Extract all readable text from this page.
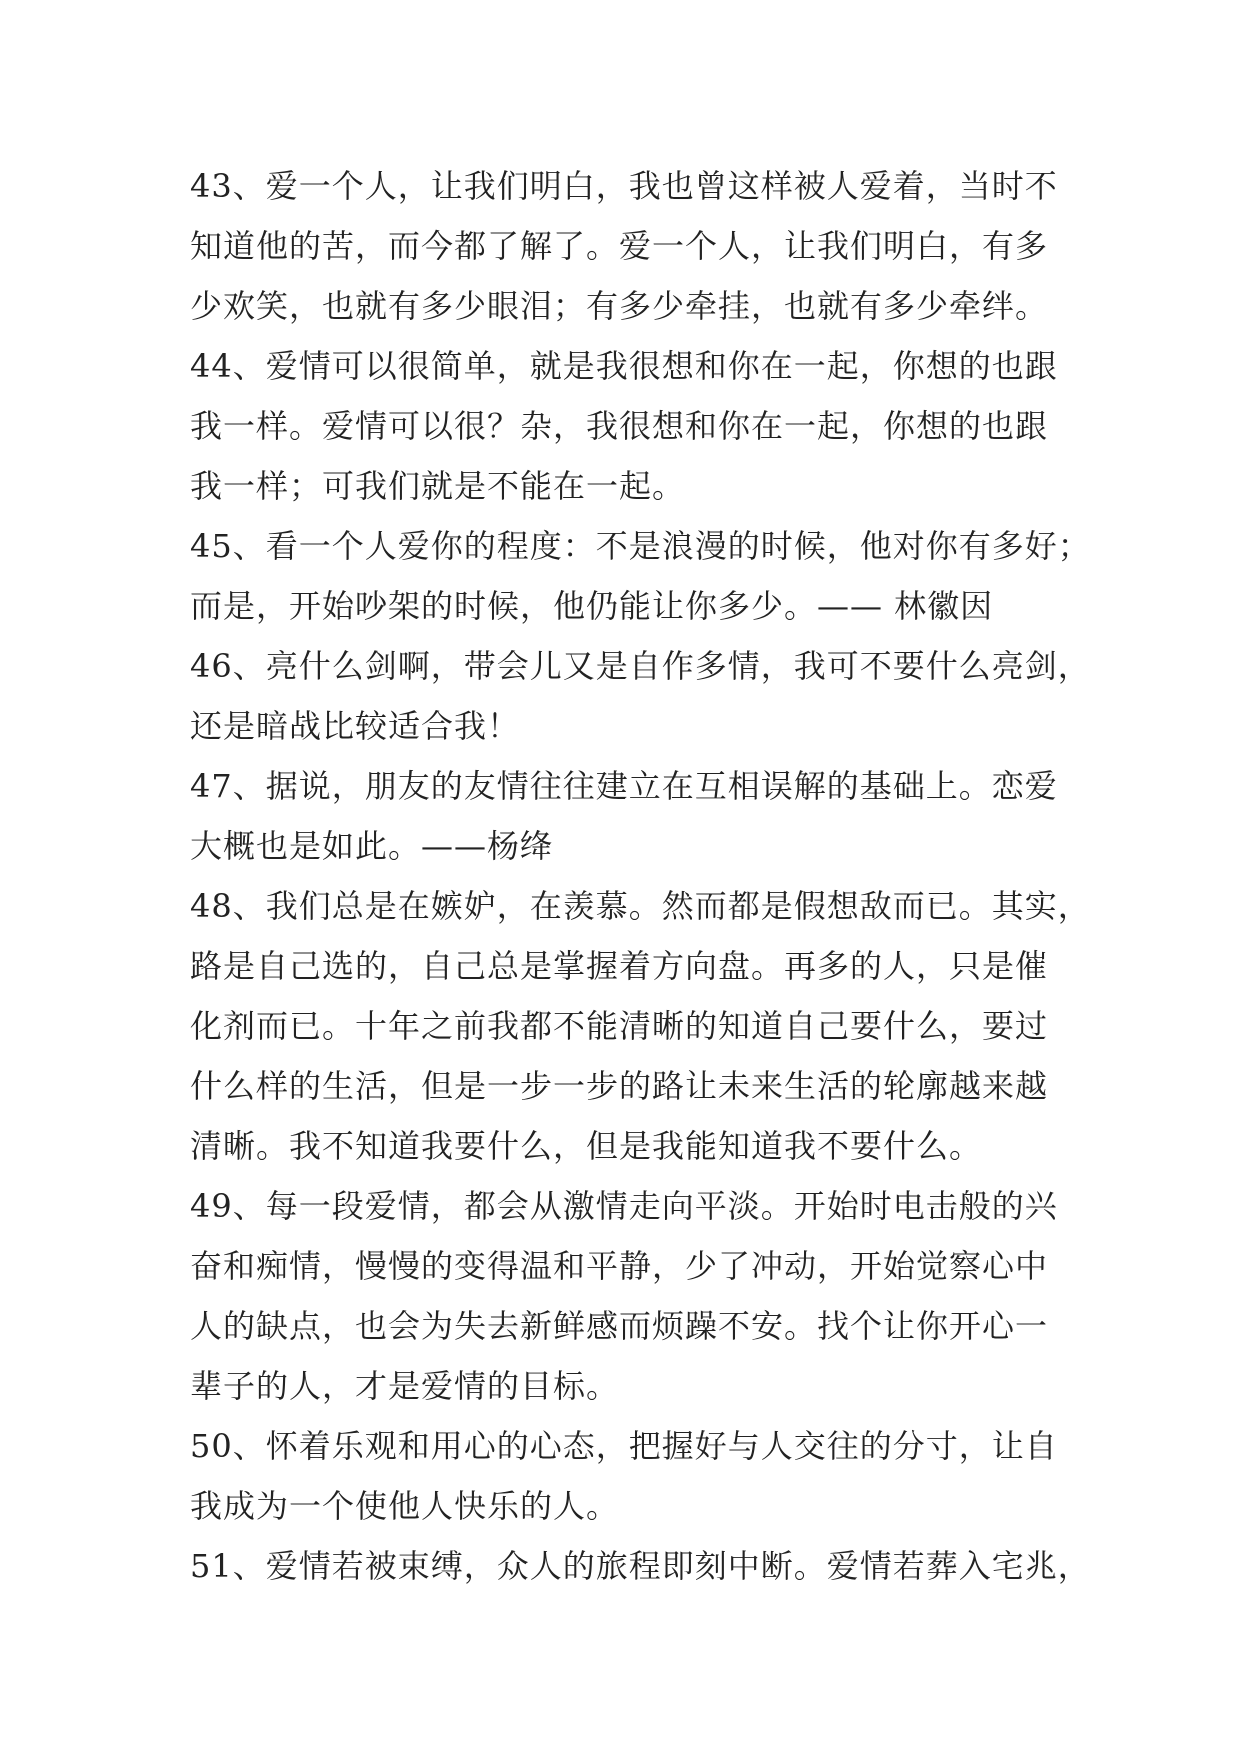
43、爱一个人，让我们明白，我也曾这样被人爱着，当时不
知道他的苦，而今都了解了。爱一个人，让我们明白，有多
少欢笑，也就有多少眼泪；有多少牵挂，也就有多少牵绊。
44、爱情可以很简单，就是我很想和你在一起，你想的也跟
我一样。爱情可以很？杂，我很想和你在一起，你想的也跟
我一样；可我们就是不能在一起。
45、看一个人爱你的程度：不是浪漫的时候，他对你有多好；
而是，开始吵架的时候，他仍能让你多少。—— 林徽因
46、亮什么剑啊，带会儿又是自作多情，我可不要什么亮剑，
还是暗战比较适合我！
47、据说，朋友的友情往往建立在互相误解的基础上。恋爱
大概也是如此。——杨绛
48、我们总是在嫉妒，在羡慕。然而都是假想敌而已。其实，
路是自己选的，自己总是掌握着方向盘。再多的人，只是催
化剂而已。十年之前我都不能清晰的知道自己要什么，要过
什么样的生活，但是一步一步的路让未来生活的轮廓越来越
清晰。我不知道我要什么，但是我能知道我不要什么。
49、每一段爱情，都会从激情走向平淡。开始时电击般的兴
奋和痴情，慢慢的变得温和平静，少了冲动，开始觉察心中
人的缺点，也会为失去新鲜感而烦躁不安。找个让你开心一
辈子的人，才是爱情的目标。
50、怀着乐观和用心的心态，把握好与人交往的分寸，让自
我成为一个使他人快乐的人。
51、爱情若被束缚，众人的旅程即刻中断。爱情若葬入宅兆，
